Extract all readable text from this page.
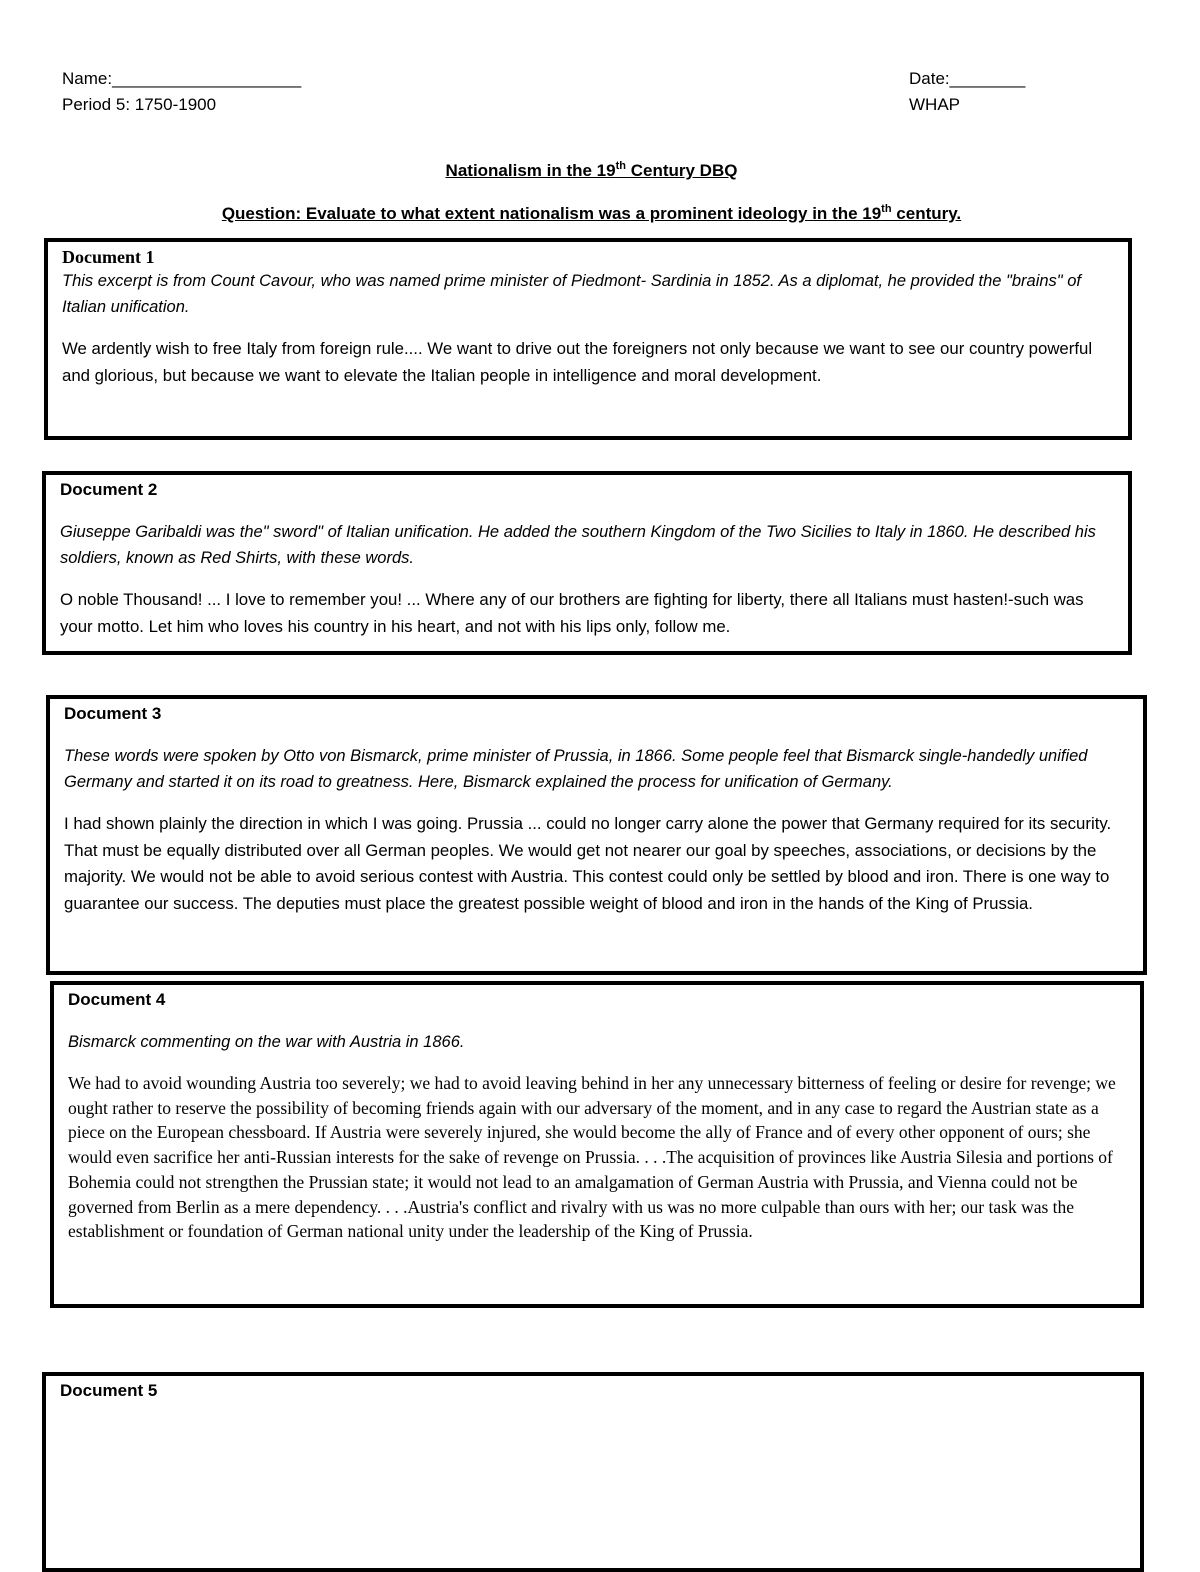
Name:____________________
Period 5: 1750-1900
Date:________
WHAP
Nationalism in the 19th Century DBQ
Question: Evaluate to what extent nationalism was a prominent ideology in the 19th century.
Document 1

This excerpt is from Count Cavour, who was named prime minister of Piedmont- Sardinia in 1852. As a diplomat, he provided the "brains" of Italian unification.

We ardently wish to free Italy from foreign rule.... We want to drive out the foreigners not only because we want to see our country powerful and glorious, but because we want to elevate the Italian people in intelligence and moral development.

Document 2

Giuseppe Garibaldi was the" sword" of Italian unification. He added the southern Kingdom of the Two Sicilies to Italy in 1860. He described his soldiers, known as Red Shirts, with these words.

O noble Thousand! ... I love to remember you! ... Where any of our brothers are fighting for liberty, there all Italians must hasten!-such was your motto. Let him who loves his country in his heart, and not with his lips only, follow me.

Document 3

These words were spoken by Otto von Bismarck, prime minister of Prussia, in 1866. Some people feel that Bismarck single-handedly unified Germany and started it on its road to greatness. Here, Bismarck explained the process for unification of Germany.

I had shown plainly the direction in which I was going. Prussia ... could no longer carry alone the power that Germany required for its security. That must be equally distributed over all German peoples. We would get not nearer our goal by speeches, associations, or decisions by the majority. We would not be able to avoid serious contest with Austria. This contest could only be settled by blood and iron. There is one way to guarantee our success. The deputies must place the greatest possible weight of blood and iron in the hands of the King of Prussia.

Document 4

Bismarck commenting on the war with Austria in 1866.

We had to avoid wounding Austria too severely; we had to avoid leaving behind in her any unnecessary bitterness of feeling or desire for revenge; we ought rather to reserve the possibility of becoming friends again with our adversary of the moment, and in any case to regard the Austrian state as a piece on the European chessboard. If Austria were severely injured, she would become the ally of France and of every other opponent of ours; she would even sacrifice her anti-Russian interests for the sake of revenge on Prussia. . . .The acquisition of provinces like Austria Silesia and portions of Bohemia could not strengthen the Prussian state; it would not lead to an amalgamation of German Austria with Prussia, and Vienna could not be governed from Berlin as a mere dependency. . . .Austria's conflict and rivalry with us was no more culpable than ours with her; our task was the establishment or foundation of German national unity under the leadership of the King of Prussia.

Document 5
